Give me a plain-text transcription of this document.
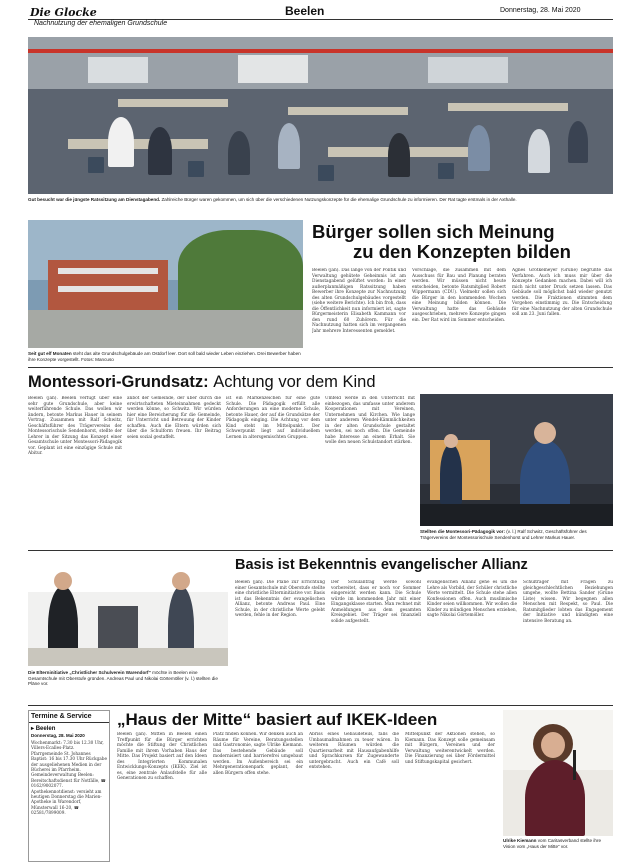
Die Glocke	Beelen	Donnerstag, 28. Mai 2020
Nachnutzung der ehemaligen Grundschule
Gut besucht war die jüngste Ratssitzung am Dienstagabend. Zahlreiche Bürger waren gekommen, um sich über die verschiedenen Nutzungskonzepte für die ehemalige Grundschule zu informieren. Der Rat tagte erstmals in der Axthalle.
Seit gut elf Monaten steht das alte Grundschulgebäude am Ostdorf leer. Dort soll bald wieder Leben einziehen. Drei Bewerber haben ihre Konzepte vorgestellt. Fotos: Mancuso
Bürger sollen sich Meinung
zu den Konzepten bilden
Beelen (jan). Das lange von der Politik und Verwaltung gehütete Geheimnis ist am Dienstagabend gelüftet worden: In einer außerplanmäßigen Ratssitzung haben Bewerber ihre Konzepte zur Nachnutzung des alten Grundschulgebäudes vorgestellt (siehe weitere Berichte). Ich bin froh, dass die Öffentlichkeit nun informiert ist, sagte Bürgermeisterin Elisabeth Kammann vor den rund 60 Zuhörern. Für die Nachnutzung hatten sich im vergangenen Jahr mehrere Interessenten gemeldet.
Vorschläge, die zusammen mit dem Ausschuss für Bau und Planung beraten werden. Wir müssen nicht heute entscheiden, betonte Ratsmitglied Robert Wippermann (CDU). Vielmehr sollen sich die Bürger in den kommenden Wochen eine Meinung bilden können. Die Verwaltung hatte das Gebäude ausgeschrieben, mehrere Konzepte gingen ein. Der Rat wird im Sommer entscheiden.
Agnes Grotkemeyer (Grüne) begrüßte das Verfahren. Auch ich muss mir über die Konzepte Gedanken machen. Dabei will ich mich nicht unter Druck setzen lassen. Das Gebäude soll möglichst bald wieder genutzt werden. Die Fraktionen stimmten dem Vorgehen einstimmig zu. Die Entscheidung für eine Nachnutzung der alten Grundschule soll am 23. Juni fallen.
Montessori-Grundsatz: Achtung vor dem Kind
Beelen (jan). Beelen verfügt über eine sehr gute Grundschule, aber keine weiterführende Schule. Das wollen wir ändern, betonte Markus Hauer in seinem Vortrag. Zusammen mit Ralf Schwitz, Geschäftsführer des Trägervereins der Montessorischule Sendenhorst, stellte der Lehrer in der Sitzung das Konzept einer Gesamtschule unter Montessori-Pädagogik vor. Geplant ist eine einzügige Schule mit Abitur.
anbot der Gemeinde, der über durch die erwirtschafteten Mieteinnahmen gedeckt werden könne, so Schwitz. Wir würden hier eine Bereicherung für die Gemeinde, für Unterricht und Betreuung der Kinder schaffen. Auch die Eltern würden sich über die Schulform freuen. Ihr Beitrag seien sozial gestaffelt.
ist ein Markenzeichen für eine gute Schule. Die Pädagogik erfüllt alle Anforderungen an eine moderne Schule, betonte Hauer, der auf die Grundsätze der Pädagogik einging. Die Achtung vor dem Kind steht im Mittelpunkt. Der Schwerpunkt liegt auf individuellem Lernen in altersgemischten Gruppen.
Umfeld werde in den Unterricht mit einbezogen, das umfasse unter anderem Kooperationen mit Vereinen, Unternehmen und Kirchen. Wie lange unter anderem Wendel-Kämmlichkeiten in der alten Grundschule gestaltet werden, sei noch offen. Die Gemeinde habe Interesse an einem Erhalt. Sie wolle den neuen Schulstandort stärken.
Stellten die Montessori-Pädagogik vor: (v. l.) Ralf Schwitz, Geschäftsführer des Trägervereins der Montessorischule Sendenhorst und Lehrer Markus Hauer.
Die Elterninitiative „Christlicher Schulverein Warendorf“ möchte in Beelen eine Gesamtschule mit Oberstufe gründen. Andreas Paul und Nikolai Görtemöller (v. l.) stellten die Pläne vor.
Basis ist Bekenntnis evangelischer Allianz
Beelen (jan). Die Pläne zur Errichtung einer Gesamtschule mit Oberstufe stellte eine christliche Elterninitiative vor. Basis ist das Bekenntnis der evangelischen Allianz, betonte Andreas Paul. Eine Schule, in der christliche Werte gelebt werden, fehle in der Region.
Der Schulantrag werde sowohl vorbereitet, dass er noch vor Sommer eingereicht werden kann. Die Schule würde im kommenden Jahr mit einer Eingangsklasse starten. Man rechnet mit Anmeldungen aus dem gesamten Kreisgebiet. Der Träger sei finanziell solide aufgestellt.
evangelischen Allianz gehe es um die Lehre als Vorbild, der Schüler christliche Werte vermittelt. Die Schule stehe allen Konfessionen offen. Auch muslimische Kinder seien willkommen. Wir wollen die Kinder zu mündigen Menschen erziehen, sagte Nikolai Görtemöller.
Schulträger mit Fragen zu gleichgeschlechtlichen Beziehungen umgehe, wollte Bettina Sander (Grüne Liste) wissen. Wir begegnen allen Menschen mit Respekt, so Paul. Die Ratsmitglieder lobten das Engagement der Initiative und kündigten eine intensive Beratung an.
Termine & Service
▸ Beelen
Donnerstag, 28. Mai 2020
Wochenmarkt: 7.30 bis 12.30 Uhr, Villers-Ecalles-Platz.
Pfarrgemeinde St. Johannes Baptist: 16 bis 17.30 Uhr Rückgabe der ausgeliehenen Medien in der Bücherei im Pfarrheim.
Gemeindeverwaltung Beelen: Bereitschaftsdienst für Notfälle, ☎ 0162/9002077.
Apothekennotdienst: versieht am heutigen Donnerstag die Marien-Apotheke in Warendorf, Münsterwall 16-20, ☎ 02581/7899009.
„Haus der Mitte“ basiert auf IKEK-Ideen
Beelen (jan). Mitten in Beelen einen Treffpunkt für die Bürger errichten möchte die Stiftung der Christlichen Familie mit ihrem Vorhaben Haus der Mitte. Das Projekt basiert auf den Ideen des Integrierten Kommunalen Entwicklungs-Konzepts (IKEK). Ziel ist es, eine zentrale Anlaufstelle für alle Generationen zu schaffen.
Platz finden können. Wir denken auch an Räume für Vereine, Beratungsstellen und Gastronomie, sagte Ulrike Kiemann. Das bestehende Gebäude soll modernisiert und barrierefrei umgebaut werden. Im Außenbereich sei ein Mehrgenerationenpark geplant, der allen Bürgern offen stehe.
Abriss eines Gebäudeteils, falls die Umbaumaßnahmen zu teuer wären. In weiteren Räumen würden die Quartiersarbeit mit Hausaufgabenhilfe und Sprachkursen für Zugewanderte untergebracht. Auch ein Café soll entstehen.
Mittelpunkt der Aktionen stehen, so Kiemann. Das Konzept solle gemeinsam mit Bürgern, Vereinen und der Verwaltung weiterentwickelt werden. Die Finanzierung sei über Fördermittel und Stiftungskapital gesichert.
Ulrike Kiemann vom Caritasverband stellte ihre Vision vom „Haus der Mitte“ vor.
